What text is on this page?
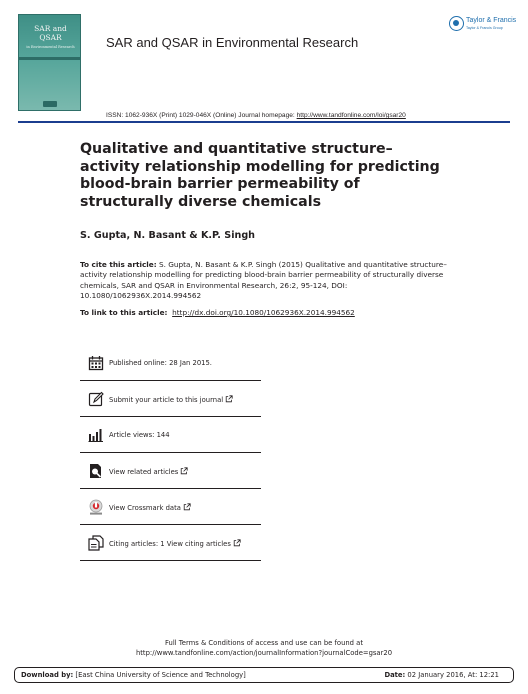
SAR and QSAR
in Environmental Research SAR and QSAR in Environmental Research
Taylor & Francis
Taylor & Francis Group
ISSN: 1062-936X (Print) 1029-046X (Online) Journal homepage: http://www.tandfonline.com/loi/gsar20
Qualitative and quantitative structure–activity relationship modelling for predicting blood-brain barrier permeability of structurally diverse chemicals
S. Gupta, N. Basant & K.P. Singh
To cite this article: S. Gupta, N. Basant & K.P. Singh (2015) Qualitative and quantitative structure–activity relationship modelling for predicting blood-brain barrier permeability of structurally diverse chemicals, SAR and QSAR in Environmental Research, 26:2, 95-124, DOI: 10.1080/1062936X.2014.994562
To link to this article: http://dx.doi.org/10.1080/1062936X.2014.994562
Published online: 28 Jan 2015.
Submit your article to this journal
Article views: 144
View related articles
View Crossmark data
Citing articles: 1 View citing articles
Full Terms & Conditions of access and use can be found at
http://www.tandfonline.com/action/journalInformation?journalCode=gsar20
Download by: [East China University of Science and Technology]	Date: 02 January 2016, At: 12:21
